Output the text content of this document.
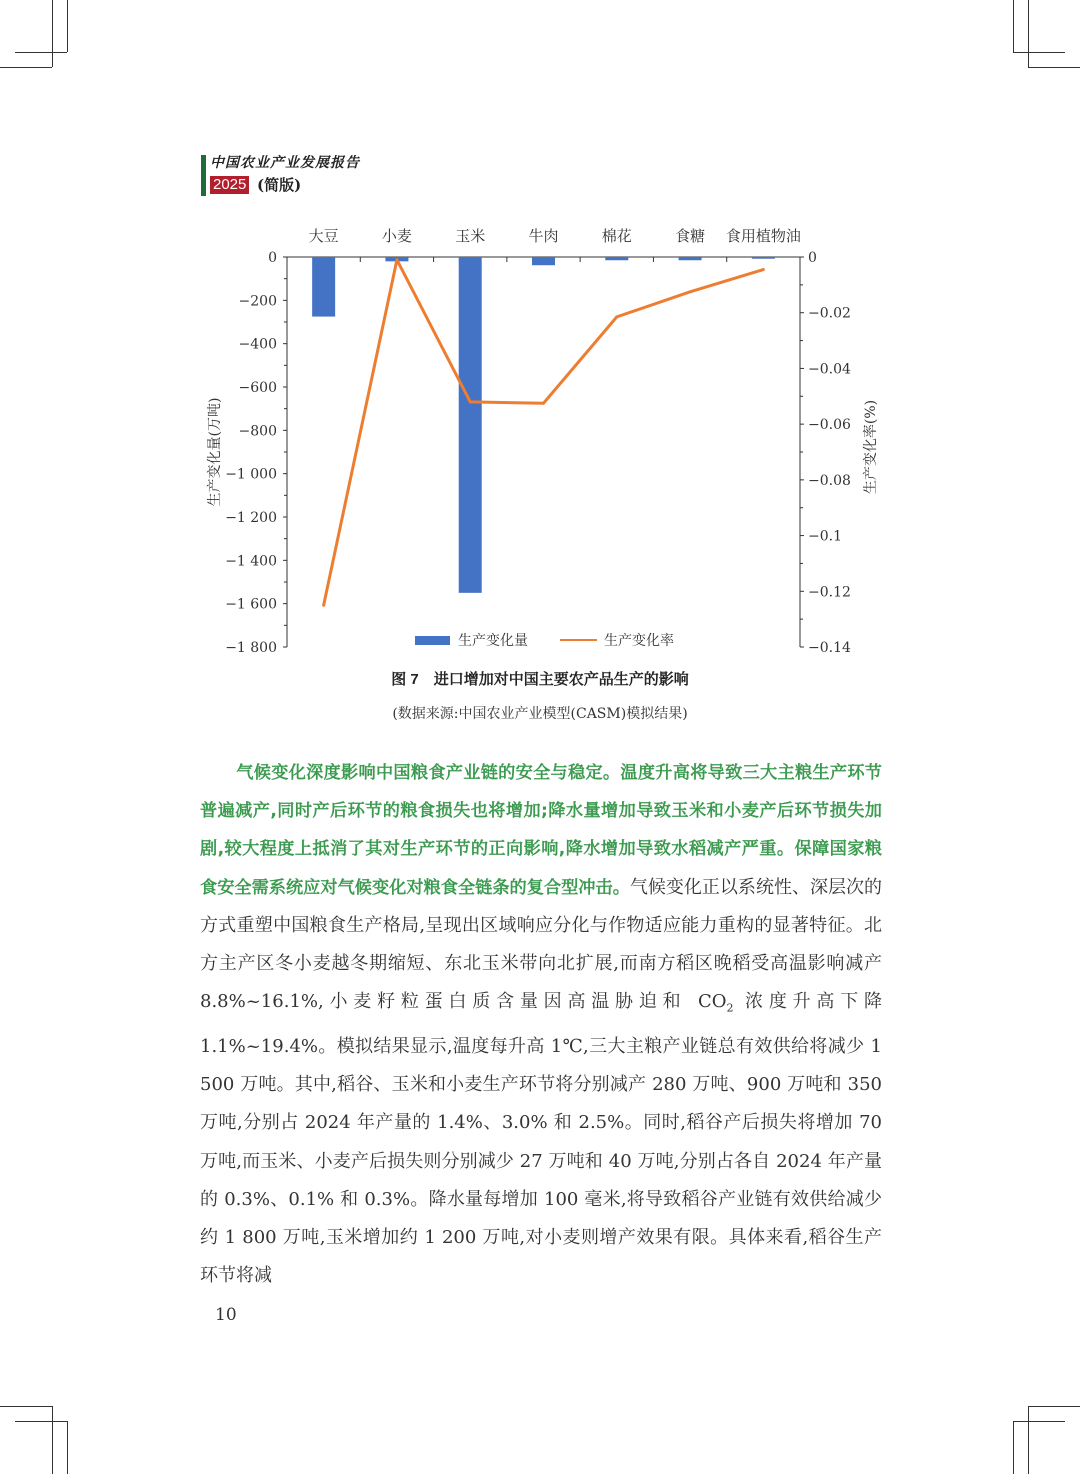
中国农业产业发展报告
2025 (简版)
0
−200
−400
−600
−800
−1 000
−1 200
−1 400
−1 600
−1 800
0
−0.02
−0.04
−0.06
−0.08
−0.1
−0.12
−0.14
大豆	小麦	玉米	牛肉	棉花	食糖 食用植物油
生产变化量(万吨)	生产变化率(%)
生产变化量	生产变化率
图 7　进口增加对中国主要农产品生产的影响
(数据来源:中国农业产业模型(CASM)模拟结果)
气候变化深度影响中国粮食产业链的安全与稳定。温度升高将导致三大主粮生产环节普遍减产,同时产后环节的粮食损失也将增加;降水量增加导致玉米和小麦产后环节损失加剧,较大程度上抵消了其对生产环节的正向影响,降水增加导致水稻减产严重。保障国家粮食安全需系统应对气候变化对粮食全链条的复合型冲击。气候变化正以系统性、深层次的方式重塑中国粮食生产格局,呈现出区域响应分化与作物适应能力重构的显著特征。北方主产区冬小麦越冬期缩短、东北玉米带向北扩展,而南方稻区晚稻受高温影响减产 8.8%~16.1%,小麦籽粒蛋白质含量因高温胁迫和 $CO_2$ 浓度升高下降 1.1%~19.4%。模拟结果显示,温度每升高 1℃,三大主粮产业链总有效供给将减少 1 500 万吨。其中,稻谷、玉米和小麦生产环节将分别减产 280 万吨、900 万吨和 350 万吨,分别占 2024 年产量的 1.4%、3.0% 和 2.5%。同时,稻谷产后损失将增加 70 万吨,而玉米、小麦产后损失则分别减少 27 万吨和 40 万吨,分别占各自 2024 年产量的 0.3%、0.1% 和 0.3%。降水量每增加 100 毫米,将导致稻谷产业链有效供给减少约 1 800 万吨,玉米增加约 1 200 万吨,对小麦则增产效果有限。具体来看,稻谷生产环节将减
10
